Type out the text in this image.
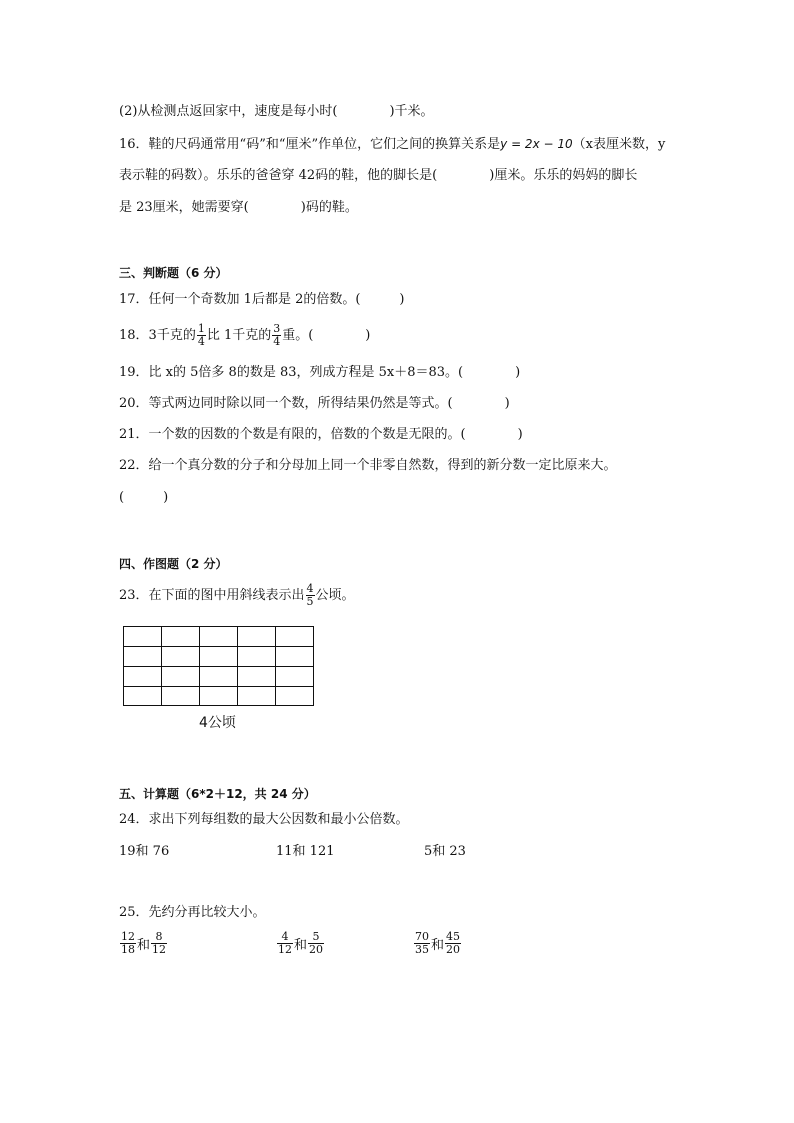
(2)从检测点返回家中，速度是每小时(　　　　)千米。
16．鞋的尺码通常用“码”和“厘米”作单位，它们之间的换算关系是y = 2x − 10（x表厘米数，y
表示鞋的码数）。乐乐的爸爸穿 42码的鞋，他的脚长是(　　　　)厘米。乐乐的妈妈的脚长
是 23厘米，她需要穿(　　　　)码的鞋。
三、判断题（6 分）
17．任何一个奇数加 1后都是 2的倍数。(　　　)
18．3千克的 $\frac{1}{4}$ 比 1千克的 $\frac{3}{4}$ 重。(　　　　)
19．比 x的 5倍多 8的数是 83，列成方程是 5x＋8＝83。(　　　　)
20．等式两边同时除以同一个数，所得结果仍然是等式。(　　　　)
21．一个数的因数的个数是有限的，倍数的个数是无限的。(　　　　)
22．给一个真分数的分子和分母加上同一个非零自然数，得到的新分数一定比原来大。
(　　　)
四、作图题（2 分）
23．在下面的图中用斜线表示出 $\frac{4}{5}$ 公顷。
4公顷
五、计算题（6*2＋12，共 24 分）
24．求出下列每组数的最大公因数和最小公倍数。
19和 76	11和 121	5和 23
25．先约分再比较大小。
$\frac{12}{18}$ 和 $\frac{8}{12}$	$\frac{4}{12}$ 和 $\frac{5}{20}$	$\frac{70}{35}$ 和 $\frac{45}{20}$
